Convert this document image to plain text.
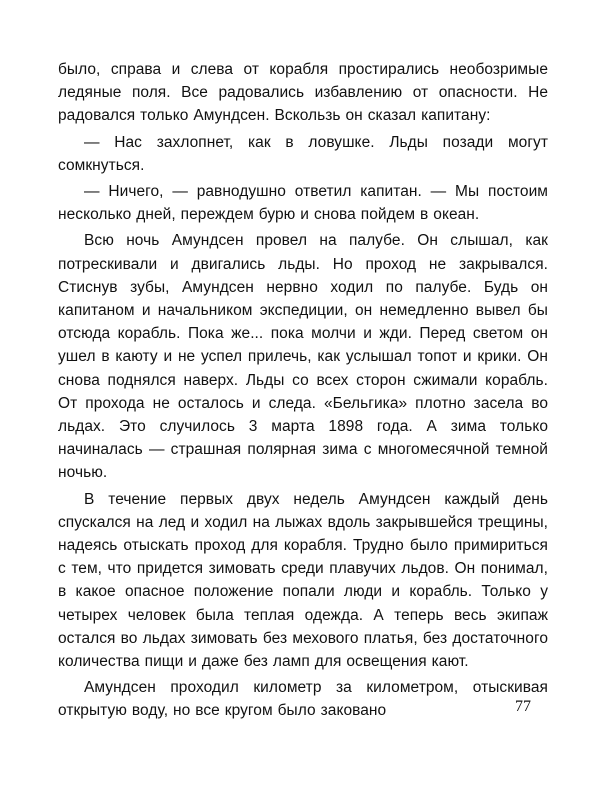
было, справа и слева от корабля простирались необозримые ледяные поля. Все радовались избавлению от опасности. Не радовался только Амундсен. Вскользь он сказал капитану:

— Нас захлопнет, как в ловушке. Льды позади могут сомкнуться.

— Ничего, — равнодушно ответил капитан. — Мы постоим несколько дней, переждем бурю и снова пойдем в океан.

Всю ночь Амундсен провел на палубе. Он слышал, как потрескивали и двигались льды. Но проход не закрывался. Стиснув зубы, Амундсен нервно ходил по палубе. Будь он капитаном и начальником экспедиции, он немедленно вывел бы отсюда корабль. Пока же... пока молчи и жди. Перед светом он ушел в каюту и не успел прилечь, как услышал топот и крики. Он снова поднялся наверх. Льды со всех сторон сжимали корабль. От прохода не осталось и следа. «Бельгика» плотно засела во льдах. Это случилось 3 марта 1898 года. А зима только начиналась — страшная полярная зима с многомесячной темной ночью.

В течение первых двух недель Амундсен каждый день спускался на лед и ходил на лыжах вдоль закрывшейся трещины, надеясь отыскать проход для корабля. Трудно было примириться с тем, что придется зимовать среди плавучих льдов. Он понимал, в какое опасное положение попали люди и корабль. Только у четырех человек была теплая одежда. А теперь весь экипаж остался во льдах зимовать без мехового платья, без достаточного количества пищи и даже без ламп для освещения кают.

Амундсен проходил километр за километром, отыскивая открытую воду, но все кругом было заковано	77
